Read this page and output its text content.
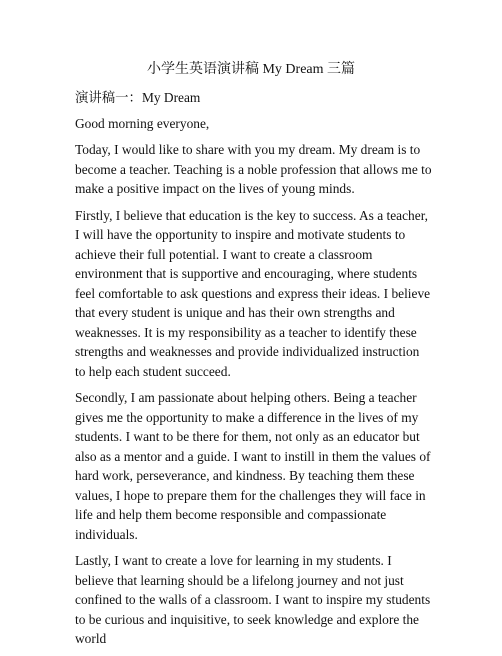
小学生英语演讲稿 My Dream 三篇

演讲稿一：My Dream

Good morning everyone,

Today, I would like to share with you my dream. My dream is to become a teacher. Teaching is a noble profession that allows me to make a positive impact on the lives of young minds.

Firstly, I believe that education is the key to success. As a teacher, I will have the opportunity to inspire and motivate students to achieve their full potential. I want to create a classroom environment that is supportive and encouraging, where students feel comfortable to ask questions and express their ideas. I believe that every student is unique and has their own strengths and weaknesses. It is my responsibility as a teacher to identify these strengths and weaknesses and provide individualized instruction to help each student succeed.

Secondly, I am passionate about helping others. Being a teacher gives me the opportunity to make a difference in the lives of my students. I want to be there for them, not only as an educator but also as a mentor and a guide. I want to instill in them the values of hard work, perseverance, and kindness. By teaching them these values, I hope to prepare them for the challenges they will face in life and help them become responsible and compassionate individuals.

Lastly, I want to create a love for learning in my students. I believe that learning should be a lifelong journey and not just confined to the walls of a classroom. I want to inspire my students to be curious and inquisitive, to seek knowledge and explore the world
